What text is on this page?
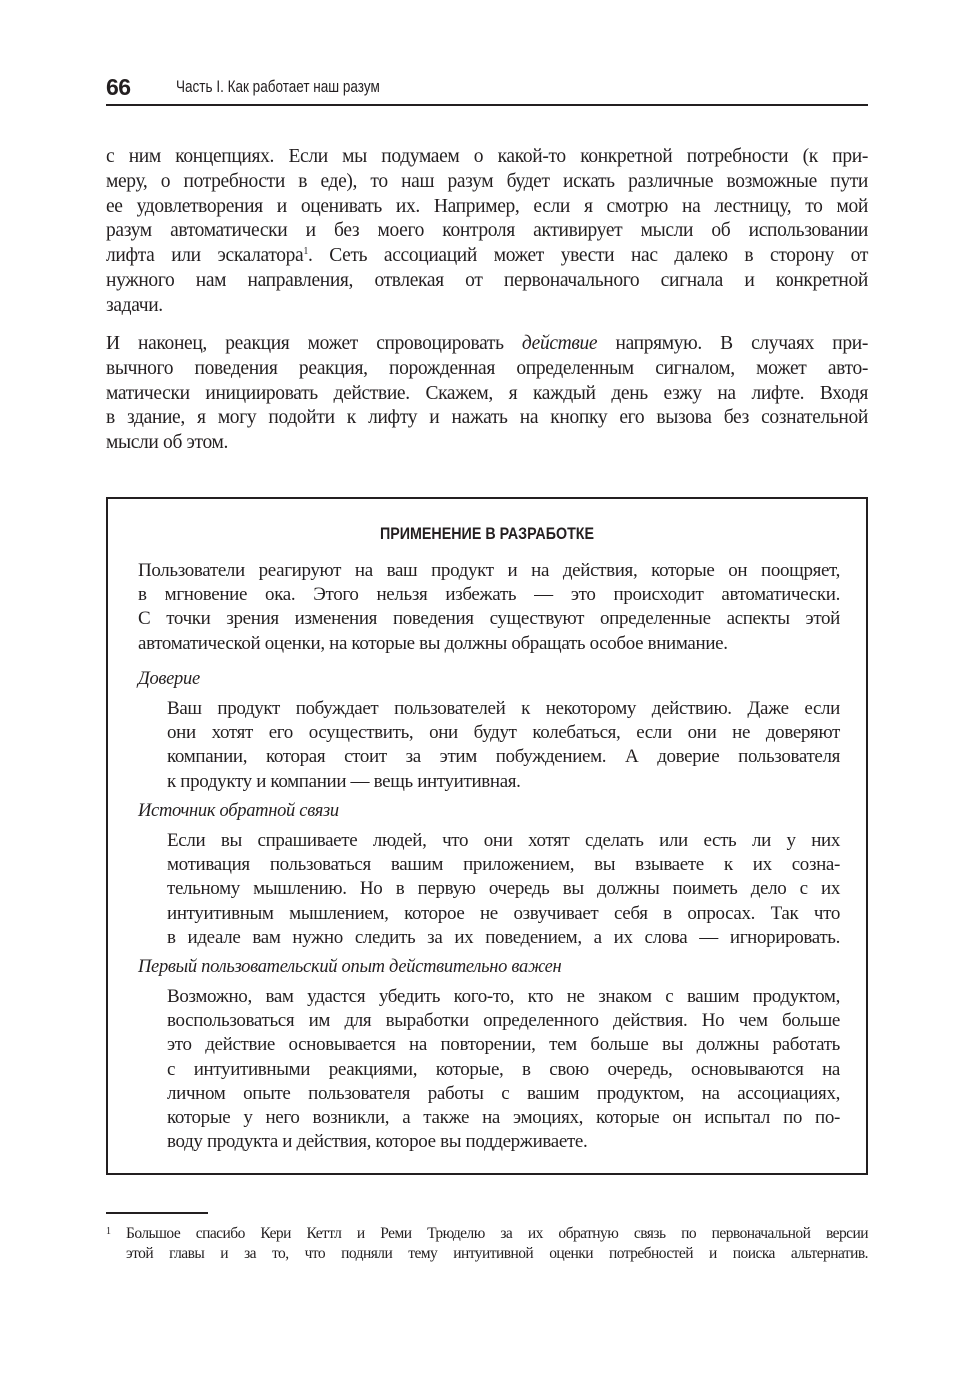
66	Часть I. Как работает наш разум
с ним концепциях. Если мы подумаем о какой-то конкретной потребности (к при-
меру, о потребности в еде), то наш разум будет искать различные возможные пути
ее удовлетворения и оценивать их. Например, если я смотрю на лестницу, то мой
разум автоматически и без моего контроля активирует мысли об использовании
лифта или эскалатора$^1$. Сеть ассоциаций может увести нас далеко в сторону от
нужного нам направления, отвлекая от первоначального сигнала и конкретной
задачи.
И наконец, реакция может спровоцировать действие напрямую. В случаях при-
вычного поведения реакция, порожденная определенным сигналом, может авто-
матически инициировать действие. Скажем, я каждый день езжу на лифте. Входя
в здание, я могу подойти к лифту и нажать на кнопку его вызова без сознательной
мысли об этом.
ПРИМЕНЕНИЕ В РАЗРАБОТКЕ
Пользователи реагируют на ваш продукт и на действия, которые он поощряет,
в мгновение ока. Этого нельзя избежать — это происходит автоматически.
С точки зрения изменения поведения существуют определенные аспекты этой
автоматической оценки, на которые вы должны обращать особое внимание.
Доверие
Ваш продукт побуждает пользователей к некоторому действию. Даже если
они хотят его осуществить, они будут колебаться, если они не доверяют
компании, которая стоит за этим побуждением. А доверие пользователя
к продукту и компании — вещь интуитивная.
Источник обратной связи
Если вы спрашиваете людей, что они хотят сделать или есть ли у них
мотивация пользоваться вашим приложением, вы взываете к их созна-
тельному мышлению. Но в первую очередь вы должны поиметь дело с их
интуитивным мышлением, которое не озвучивает себя в опросах. Так что
в идеале вам нужно следить за их поведением, а их слова — игнорировать.
Первый пользовательский опыт действительно важен
Возможно, вам удастся убедить кого-то, кто не знаком с вашим продуктом,
воспользоваться им для выработки определенного действия. Но чем больше
это действие основывается на повторении, тем больше вы должны работать
с интуитивными реакциями, которые, в свою очередь, основываются на
личном опыте пользователя работы с вашим продуктом, на ассоциациях,
которые у него возникли, а также на эмоциях, которые он испытал по по-
воду продукта и действия, которое вы поддерживаете.
1 Большое спасибо Кери Кеттл и Реми Трюделю за их обратную связь по первоначальной версии
этой главы и за то, что подняли тему интуитивной оценки потребностей и поиска альтернатив.
